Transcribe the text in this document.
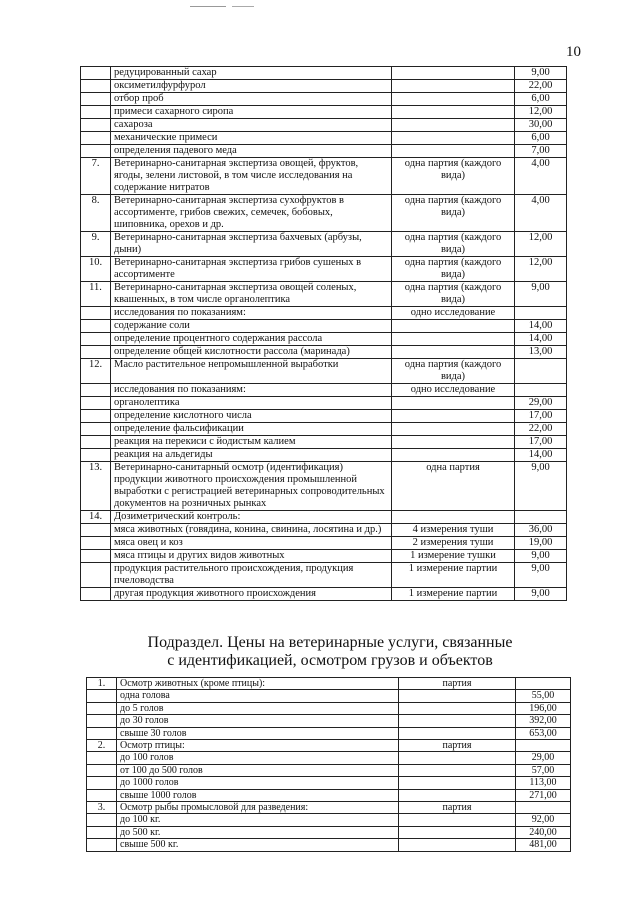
10
	редуцированный сахар		9,00
	оксиметилфурфурол		22,00
	отбор проб		6,00
	примеси сахарного сиропа		12,00
	сахароза		30,00
	механические примеси		6,00
	определения падевого меда		7,00
7.	Ветеринарно-санитарная экспертиза овощей, фруктов, ягоды, зелени листовой, в том числе исследования на содержание нитратов	одна партия (каждого вида)	4,00
8.	Ветеринарно-санитарная экспертиза сухофруктов в ассортименте, грибов свежих, семечек, бобовых, шиповника, орехов и др.	одна партия (каждого вида)	4,00
9.	Ветеринарно-санитарная экспертиза бахчевых (арбузы, дыни)	одна партия (каждого вида)	12,00
10.	Ветеринарно-санитарная экспертиза грибов сушеных в ассортименте	одна партия (каждого вида)	12,00
11.	Ветеринарно-санитарная экспертиза овощей соленых, квашенных, в том числе органолептика	одна партия (каждого вида)	9,00
	исследования по показаниям:	одно исследование	
	содержание соли		14,00
	определение процентного содержания рассола		14,00
	определение общей кислотности рассола (маринада)		13,00
12.	Масло растительное непромышленной выработки	одна партия (каждого вида)	
	исследования по показаниям:	одно исследование	
	органолептика		29,00
	определение кислотного числа		17,00
	определение фальсификации		22,00
	реакция на перекиси с йодистым калием		17,00
	реакция на альдегиды		14,00
13.	Ветеринарно-санитарный осмотр (идентификация) продукции животного происхождения промышленной выработки с регистрацией ветеринарных сопроводительных документов на розничных рынках	одна партия	9,00
14.	Дозиметрический контроль:		
	мяса животных (говядина, конина, свинина, лосятина и др.)	4 измерения туши	36,00
	мяса овец и коз	2 измерения туши	19,00
	мяса птицы и других видов животных	1 измерение тушки	9,00
	продукция растительного происхождения, продукция пчеловодства	1 измерение партии	9,00
	другая продукция животного происхождения	1 измерение партии	9,00
Подраздел. Цены на ветеринарные услуги, связанные
с идентификацией, осмотром грузов и объектов
1.	Осмотр животных (кроме птицы):	партия	
	одна голова		55,00
	до 5 голов		196,00
	до 30 голов		392,00
	свыше 30 голов		653,00
2.	Осмотр птицы:	партия	
	до 100 голов		29,00
	от 100 до 500 голов		57,00
	до 1000 голов		113,00
	свыше 1000 голов		271,00
3.	Осмотр рыбы промысловой для разведения:	партия	
	до 100 кг.		92,00
	до 500 кг.		240,00
	свыше 500 кг.		481,00
